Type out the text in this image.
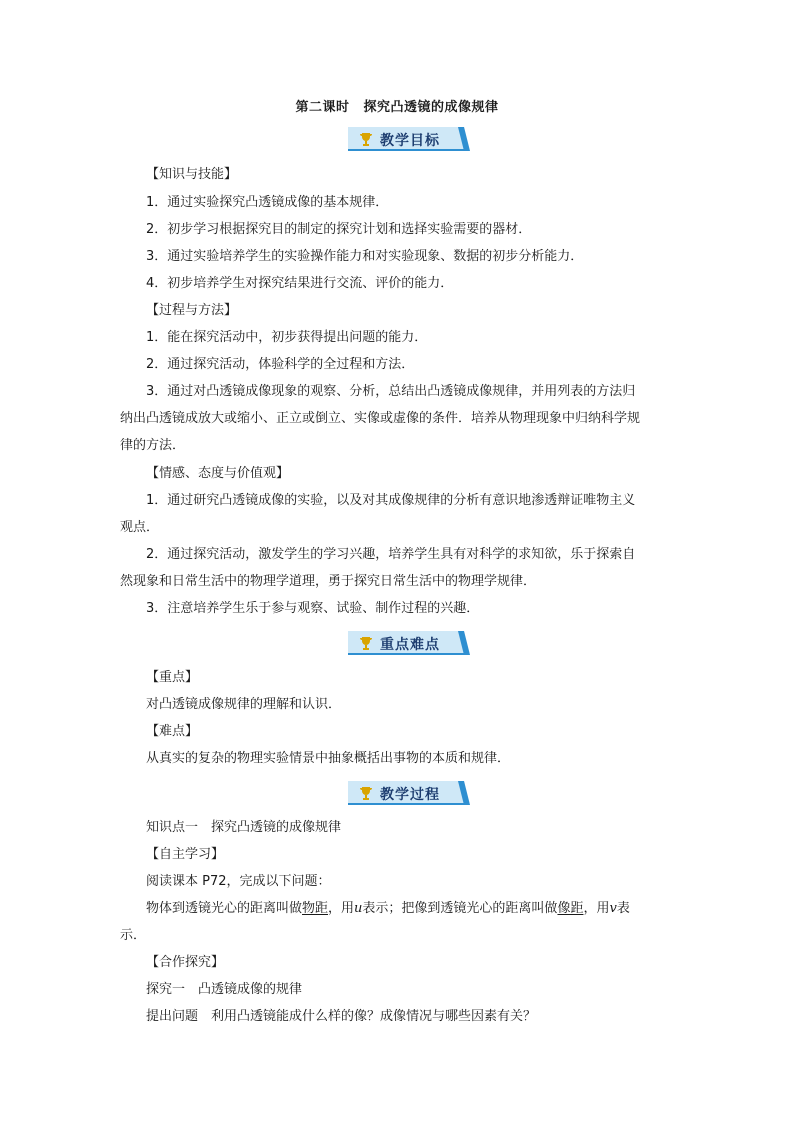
第二课时 探究凸透镜的成像规律
教学目标
【知识与技能】
1．通过实验探究凸透镜成像的基本规律．
2．初步学习根据探究目的制定的探究计划和选择实验需要的器材．
3．通过实验培养学生的实验操作能力和对实验现象、数据的初步分析能力．
4．初步培养学生对探究结果进行交流、评价的能力．
【过程与方法】
1．能在探究活动中，初步获得提出问题的能力．
2．通过探究活动，体验科学的全过程和方法．
3．通过对凸透镜成像现象的观察、分析，总结出凸透镜成像规律，并用列表的方法归
纳出凸透镜成放大或缩小、正立或倒立、实像或虚像的条件．培养从物理现象中归纳科学规
律的方法．
【情感、态度与价值观】
1．通过研究凸透镜成像的实验，以及对其成像规律的分析有意识地渗透辩证唯物主义
观点．
2．通过探究活动，激发学生的学习兴趣，培养学生具有对科学的求知欲，乐于探索自
然现象和日常生活中的物理学道理，勇于探究日常生活中的物理学规律．
3．注意培养学生乐于参与观察、试验、制作过程的兴趣．
重点难点
【重点】
对凸透镜成像规律的理解和认识．
【难点】
从真实的复杂的物理实验情景中抽象概括出事物的本质和规律．
教学过程
知识点一　探究凸透镜的成像规律
【自主学习】
阅读课本 P72，完成以下问题：
物体到透镜光心的距离叫做物距，用u表示；把像到透镜光心的距离叫做像距，用v表
示．
【合作探究】
探究一　凸透镜成像的规律
提出问题 利用凸透镜能成什么样的像？成像情况与哪些因素有关？
